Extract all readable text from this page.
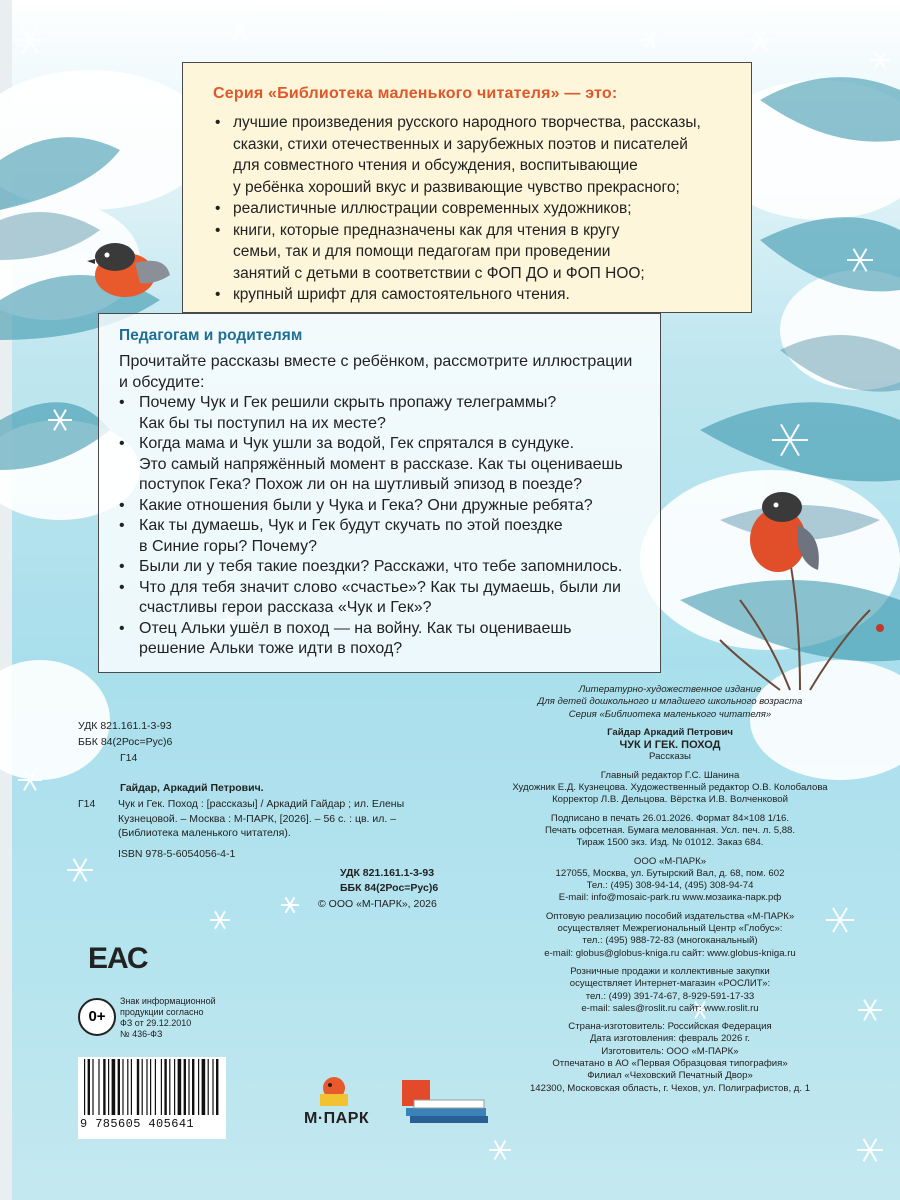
Серия «Библиотека маленького читателя» — это:
• лучшие произведения русского народного творчества, рассказы,
сказки, стихи отечественных и зарубежных поэтов и писателей
для совместного чтения и обсуждения, воспитывающие
у ребёнка хороший вкус и развивающие чувство прекрасного;
• реалистичные иллюстрации современных художников;
• книги, которые предназначены как для чтения в кругу
семьи, так и для помощи педагогам при проведении
занятий с детьми в соответствии с ФОП ДО и ФОП НОО;
• крупный шрифт для самостоятельного чтения.
Педагогам и родителям
Прочитайте рассказы вместе с ребёнком, рассмотрите иллюстрации
и обсудите:
• Почему Чук и Гек решили скрыть пропажу телеграммы?
Как бы ты поступил на их месте?
• Когда мама и Чук ушли за водой, Гек спрятался в сундуке.
Это самый напряжённый момент в рассказе. Как ты оцениваешь
поступок Гека? Похож ли он на шутливый эпизод в поезде?
• Какие отношения были у Чука и Гека? Они дружные ребята?
• Как ты думаешь, Чук и Гек будут скучать по этой поездке
в Синие горы? Почему?
• Были ли у тебя такие поездки? Расскажи, что тебе запомнилось.
• Что для тебя значит слово «счастье»? Как ты думаешь, были ли
счастливы герои рассказа «Чук и Гек»?
• Отец Альки ушёл в поход — на войну. Как ты оцениваешь
решение Альки тоже идти в поход?
УДК 821.161.1-3-93
ББК 84(2Рос=Рус)6
Г14
Гайдар, Аркадий Петрович.
Г14 Чук и Гек. Поход : [рассказы] / Аркадий Гайдар ; ил. Елены
Кузнецовой. – Москва : М-ПАРК, [2026]. – 56 с. : цв. ил. –
(Библиотека маленького читателя).
ISBN 978-5-6054056-4-1
УДК 821.161.1-3-93
ББК 84(2Рос=Рус)6
© ООО «М-ПАРК», 2026
Литературно-художественное издание
Для детей дошкольного и младшего школьного возраста
Серия «Библиотека маленького читателя»
Гайдар Аркадий Петрович
ЧУК И ГЕК. ПОХОД
Рассказы
Главный редактор Г.С. Шанина
Художник Е.Д. Кузнецова. Художественный редактор О.В. Колобалова
Корректор Л.В. Дельцова. Вёрстка И.В. Волченковой
Подписано в печать 26.01.2026. Формат 84×108 1/16.
Печать офсетная. Бумага мелованная. Усл. печ. л. 5,88.
Тираж 1500 экз. Изд. № 01012. Заказ 684.
ООО «М-ПАРК»
127055, Москва, ул. Бутырский Вал, д. 68, пом. 602
Тел.: (495) 308-94-14, (495) 308-94-74
E-mail: info@mosaic-park.ru www.мозаика-парк.рф
Оптовую реализацию пособий издательства «М-ПАРК»
осуществляет Межрегиональный Центр «Глобус»:
тел.: (495) 988-72-83 (многоканальный)
e-mail: globus@globus-kniga.ru сайт: www.globus-kniga.ru
Розничные продажи и коллективные закупки
осуществляет Интернет-магазин «РОСЛИТ»:
тел.: (499) 391-74-67, 8-929-591-17-33
e-mail: sales@roslit.ru сайт: www.roslit.ru
Страна-изготовитель: Российская Федерация
Дата изготовления: февраль 2026 г.
Изготовитель: ООО «М-ПАРК»
Отпечатано в АО «Первая Образцовая типография»
Филиал «Чеховский Печатный Двор»
142300, Московская область, г. Чехов, ул. Полиграфистов, д. 1
ЕАС
0+
Знак информационной
продукции согласно
ФЗ от 29.12.2010
№ 436-ФЗ
9 785605 405641	М·ПАРК
